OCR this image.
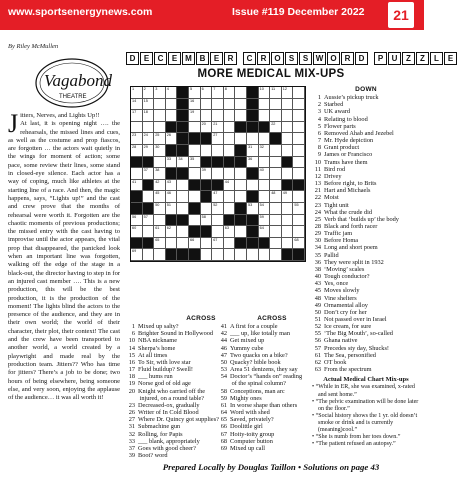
www.sportsenergynews.com	Issue #119 December 2022	21
By Riley McMullen
Vagabond
THEATRE
J itters, Nerves, and Lights Up!!

At last, it is opening night …. the rehearsals, the missed lines and cues, as well as the costume and prop fiascos, are forgotten … the actors wait quietly in the wings for moment of action; some pace, some review their lines, some stand in closed-eye silence. Each actor has a way of coping, much like athletes at the starting line of a race. And then, the magic happens, says, “Lights up!” and the cast and crew prove that the months of rehearsal were worth it. Forgotten are the chaotic moments of previous productions; the missed entry with the cast having to improvise until the actor appears, the vital prop that disappeared, the panicked look when an important line was forgotten, walking off the edge of the stage in a black-out, the director having to step in for an injured cast member …. This is a new production, this will be the best production, it is the production of the moment! The lights blind the actors to the presence of the audience, and they are in their own world; the world of their character, their plot, their context! The cast and the crew have been transported to another world, a world created by a playwright and made real by the production team. Jitters?? Who has time for jitters? There’s a job to be done; two hours of being elsewhere, being someone else, and very soon, enjoying the applause of the audience… it was all worth it!

D	E	C	E M B	E	R	C	R O	S	S W O	R	D	P	U	Z	Z	L	E
MORE MEDICAL MIX-UPS
1 2 3 4	5 6 7 8	10 11 12
14 15	16
17 18	19
20 21	22
23 24 25 26	27
28 29 30	31 32
33 34 35	36
37 38	39	40
41	42 43	44
45 46	47	48 49
50 51	52	53 54	55
56 57	58	59
60	61 62	63	64
65	66	67	68
69
ACROSS
1 Mixed up salty?
6 Brighter Sound in Hollywood
10 NBA nickname
14 Sherpa’s home
15 At all times
16 To Sir, with love star
17 Fluid buildup? Swell!
18 ___ hums run
19 Norse god of old age
20 Knight who carried off the
injured, on a round table?
23 Decreased-ox, gradually
26 Writer of In Cold Blood
27 Where Dr. Quincy got supplies?
31 Submachine gun
32 Rolling, for Papis
33 ___ blank, appropriately
37 Goes with good cheer?
39 Boot? word
ACROSS
41 A first for a couple
42 ___ up, like totally man
44 Get mixed up
46 Yummy cube
47 Two quacks on a bike?
50 Quacky? bible book
53 Area 51 denizens, they say
54 Doctor’s “hands on” reading
of the spinal column?
58 Conceptions, man arc
59 Mighty ones
61 In worse shape than others
64 Word with shed
65 Saved, privately?
66 Doolittle girl
67 Hoity-toity group
68 Computer button
69 Mixed up call
DOWN
1 Aussie’s pickup truck
2 Starbed
3 UK award
4 Relating to blood
5 Flower parts
6 Removed Ahab and Jezebel
7 Mr. Hyde depiction
8 Grant product
9 James or Francisco
10 Trams have them
11 Bird rod
12 Drivey
13 Before right, to Brits
21 Hart and Michaels
22 Moist
23 Tight unit
24 What the crude did
25 Verb that ‘builds up’ the body
28 Black and forth racer
29 Traffic jam
30 Before Homa
34 Long and short poem
35 Pallid
36 They were split in 1932
38 ‘Moving’ scales
40 Tough conductor?
43 Yes, once
45 Moves slowly
48 Vine shelters
49 Ornamental alloy
50 Don’t cry for her
51 Not passed over in Israel
52 Ice cream, for sure
55 ‘The Big Mouth’, so-called
56 Ghana native
57 Precedes sty day, Shucks!
61 The Sea, personified
62 OT book
63 From the spectrum
Actual Medical Chart Mix-ups
• “While in ER, she was examined, x-rated and sent home.”
• “The pelvic examination will be done later on the floor.”
• “Social history shows the 1 yr. old doesn’t smoke or drink and is currently (meaning)cool.”
• “She is numb from her toes down.”
• “The patient refused an autopsy.”
Prepared Locally by Douglas Taillon • Solutions on page 43
